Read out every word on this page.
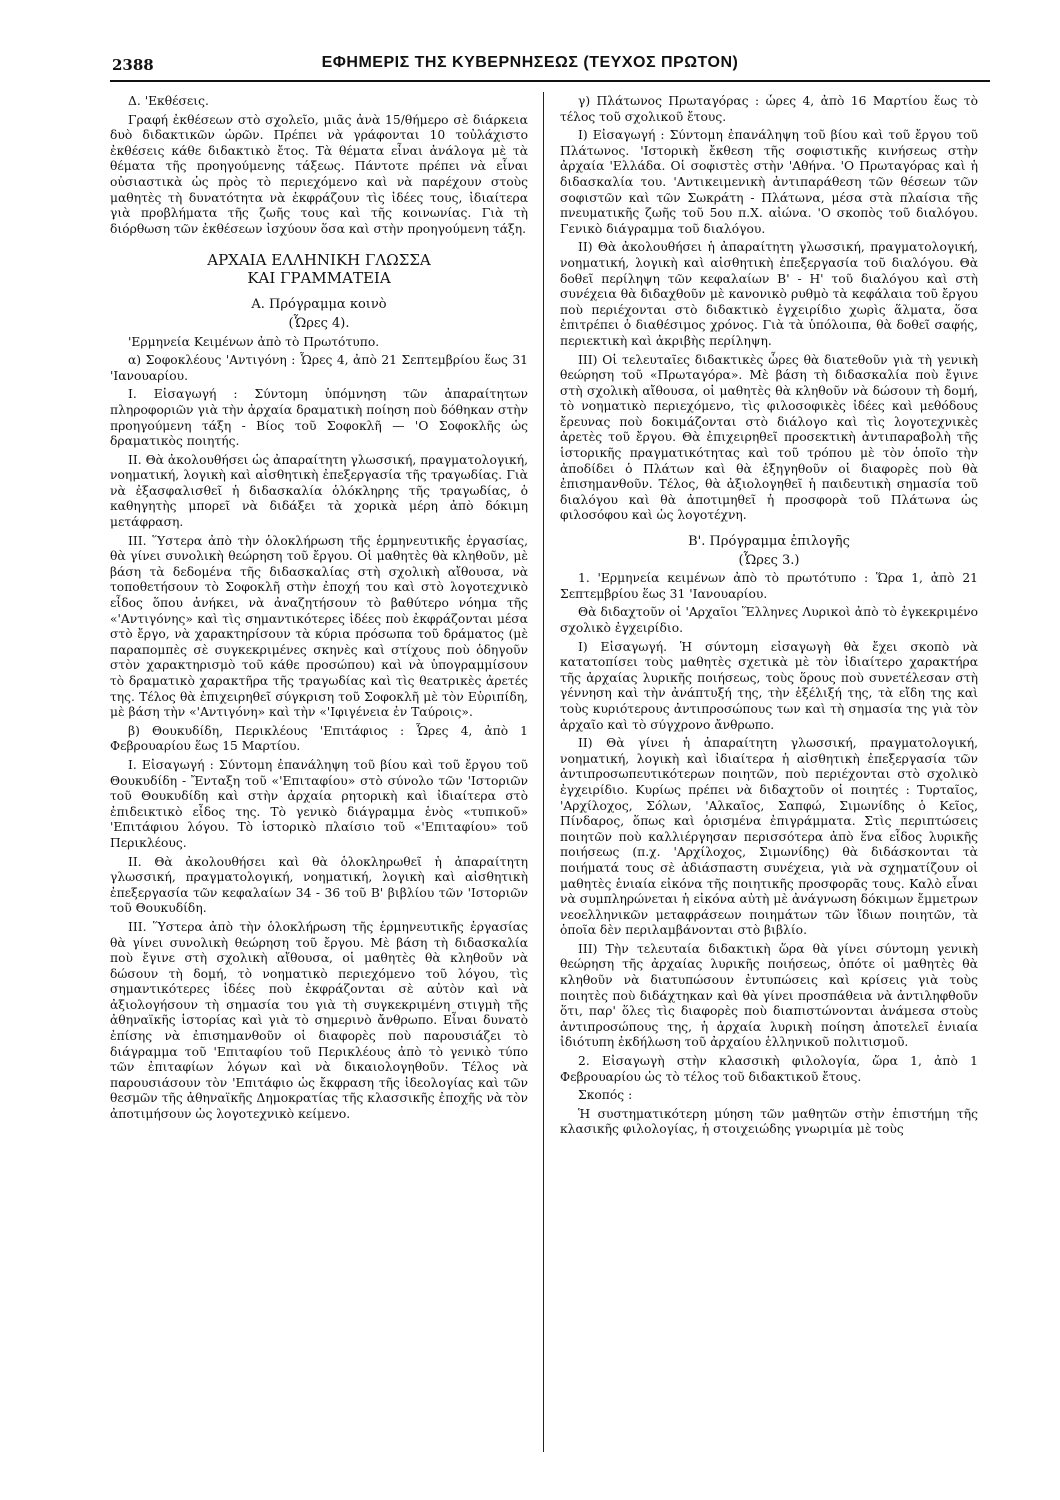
2388	ΕΦΗΜΕΡΙΣ ΤΗΣ ΚΥΒΕΡΝΗΣΕΩΣ (ΤΕΥΧΟΣ ΠΡΩΤΟΝ)

Δ. 'Εκθέσεις.

Γραφή ἐκθέσεων στὸ σχολεῖο, μιᾶς ἀνὰ 15/θήμερο σὲ διάρκεια δυὸ διδακτικῶν ὡρῶν. Πρέπει νὰ γράφονται 10 τοὐλάχιστο ἐκθέσεις κάθε διδακτικὸ ἔτος. Τὰ θέματα εἶναι ἀνάλογα μὲ τὰ θέματα τῆς προηγούμενης τάξεως. Πάντοτε πρέπει νὰ εἶναι οὐσιαστικὰ ὡς πρὸς τὸ περιεχόμενο καὶ νὰ παρέχουν στοὺς μαθητὲς τὴ δυνατότητα νὰ ἐκφράζουν τὶς ἰδέες τους, ἰδιαίτερα γιὰ προβλήματα τῆς ζωῆς τους καὶ τῆς κοινωνίας. Γιὰ τὴ διόρθωση τῶν ἐκθέσεων ἰσχύουν ὅσα καὶ στὴν προηγούμενη τάξη.

ΑΡΧΑΙΑ ΕΛΛΗΝΙΚΗ ΓΛΩΣΣΑ
ΚΑΙ ΓΡΑΜΜΑΤΕΙΑ

Α. Πρόγραμμα κοινὸ

(Ὧρες 4).

'Ερμηνεία Κειμένων ἀπὸ τὸ Πρωτότυπο.

α) Σοφοκλέους 'Αντιγόνη : Ὧρες 4, ἀπὸ 21 Σεπτεμβρίου ἕως 31 'Ιανουαρίου.

Ι. Εἰσαγωγή : Σύντομη ὑπόμνηση τῶν ἀπαραίτητων πληροφοριῶν γιὰ τὴν ἀρχαία δραματικὴ ποίηση ποὺ δόθηκαν στὴν προηγούμενη τάξη - Βίος τοῦ Σοφοκλῆ — 'Ο Σοφοκλῆς ὡς δραματικὸς ποιητής.

ΙΙ. Θὰ ἀκολουθήσει ὡς ἀπαραίτητη γλωσσική, πραγματολογική, νοηματική, λογικὴ καὶ αἰσθητικὴ ἐπεξεργασία τῆς τραγωδίας. Γιὰ νὰ ἐξασφαλισθεῖ ἡ διδασκαλία ὁλόκληρης τῆς τραγωδίας, ὁ καθηγητὴς μπορεῖ νὰ διδάξει τὰ χορικὰ μέρη ἀπὸ δόκιμη μετάφραση.

ΙΙΙ. Ὕστερα ἀπὸ τὴν ὁλοκλήρωση τῆς ἑρμηνευτικῆς ἐργασίας, θὰ γίνει συνολικὴ θεώρηση τοῦ ἔργου. Οἱ μαθητὲς θὰ κληθοῦν, μὲ βάση τὰ δεδομένα τῆς διδασκαλίας στὴ σχολικὴ αἴθουσα, νὰ τοποθετήσουν τὸ Σοφοκλῆ στὴν ἐποχή του καὶ στὸ λογοτεχνικὸ εἶδος ὅπου ἀνήκει, νὰ ἀναζητήσουν τὸ βαθύτερο νόημα τῆς «'Αντιγόνης» καὶ τὶς σημαντικότερες ἰδέες ποὺ ἐκφράζονται μέσα στὸ ἔργο, νὰ χαρακτηρίσουν τὰ κύρια πρόσωπα τοῦ δράματος (μὲ παραπομπὲς σὲ συγκεκριμένες σκηνὲς καὶ στίχους ποὺ ὁδηγοῦν στὸν χαρακτηρισμὸ τοῦ κάθε προσώπου) καὶ νὰ ὑπογραμμίσουν τὸ δραματικὸ χαρακτῆρα τῆς τραγωδίας καὶ τὶς θεατρικὲς ἀρετές της. Τέλος θὰ ἐπιχειρηθεῖ σύγκριση τοῦ Σοφοκλῆ μὲ τὸν Εὐριπίδη, μὲ βάση τὴν «'Αντιγόνη» καὶ τὴν «'Ιφιγένεια ἐν Ταύροις».

β) Θουκυδίδη, Περικλέους 'Επιτάφιος : Ὧρες 4, ἀπὸ 1 Φεβρουαρίου ἕως 15 Μαρτίου.

Ι. Εἰσαγωγή : Σύντομη ἐπανάληψη τοῦ βίου καὶ τοῦ ἔργου τοῦ Θουκυδίδη - Ἔνταξη τοῦ «'Επιταφίου» στὸ σύνολο τῶν 'Ιστοριῶν τοῦ Θουκυδίδη καὶ στὴν ἀρχαία ρητορικὴ καὶ ἰδιαίτερα στὸ ἐπιδεικτικὸ εἶδος της. Τὸ γενικὸ διάγραμμα ἑνὸς «τυπικοῦ» 'Επιτάφιου λόγου. Τὸ ἱστορικὸ πλαίσιο τοῦ «'Επιταφίου» τοῦ Περικλέους.

ΙΙ. Θὰ ἀκολουθήσει καὶ θὰ ὁλοκληρωθεῖ ἡ ἀπαραίτητη γλωσσική, πραγματολογική, νοηματική, λογικὴ καὶ αἰσθητικὴ ἐπεξεργασία τῶν κεφαλαίων 34 - 36 τοῦ Β' βιβλίου τῶν 'Ιστοριῶν τοῦ Θουκυδίδη.

ΙΙΙ. Ὕστερα ἀπὸ τὴν ὁλοκλήρωση τῆς ἑρμηνευτικῆς ἐργασίας θὰ γίνει συνολικὴ θεώρηση τοῦ ἔργου. Μὲ βάση τὴ διδασκαλία ποὺ ἔγινε στὴ σχολικὴ αἴθουσα, οἱ μαθητὲς θὰ κληθοῦν νὰ δώσουν τὴ δομή, τὸ νοηματικὸ περιεχόμενο τοῦ λόγου, τὶς σημαντικότερες ἰδέες ποὺ ἐκφράζονται σὲ αὐτὸν καὶ νὰ ἀξιολογήσουν τὴ σημασία του γιὰ τὴ συγκεκριμένη στιγμὴ τῆς ἀθηναϊκῆς ἱστορίας καὶ γιὰ τὸ σημερινὸ ἄνθρωπο. Εἶναι δυνατὸ ἐπίσης νὰ ἐπισημανθοῦν οἱ διαφορὲς ποὺ παρουσιάζει τὸ διάγραμμα τοῦ 'Επιταφίου τοῦ Περικλέους ἀπὸ τὸ γενικὸ τύπο τῶν ἐπιταφίων λόγων καὶ νὰ δικαιολογηθοῦν. Τέλος νὰ παρουσιάσουν τὸν 'Επιτάφιο ὡς ἔκφραση τῆς ἰδεολογίας καὶ τῶν θεσμῶν τῆς ἀθηναϊκῆς Δημοκρατίας τῆς κλασσικῆς ἐποχῆς νὰ τὸν ἀποτιμήσουν ὡς λογοτεχνικὸ κείμενο.

γ) Πλάτωνος Πρωταγόρας : ὧρες 4, ἀπὸ 16 Μαρτίου ἕως τὸ τέλος τοῦ σχολικοῦ ἔτους.

Ι) Εἰσαγωγή : Σύντομη ἐπανάληψη τοῦ βίου καὶ τοῦ ἔργου τοῦ Πλάτωνος. 'Ιστορικὴ ἔκθεση τῆς σοφιστικῆς κινήσεως στὴν ἀρχαία 'Ελλάδα. Οἱ σοφιστὲς στὴν 'Αθήνα. 'Ο Πρωταγόρας καὶ ἡ διδασκαλία του. 'Αντικειμενικὴ ἀντιπαράθεση τῶν θέσεων τῶν σοφιστῶν καὶ τῶν Σωκράτη - Πλάτωνα, μέσα στὰ πλαίσια τῆς πνευματικῆς ζωῆς τοῦ 5ου π.Χ. αἰώνα. 'Ο σκοπὸς τοῦ διαλόγου. Γενικὸ διάγραμμα τοῦ διαλόγου.

ΙΙ) Θὰ ἀκολουθήσει ἡ ἀπαραίτητη γλωσσική, πραγματολογική, νοηματική, λογικὴ καὶ αἰσθητικὴ ἐπεξεργασία τοῦ διαλόγου. Θὰ δοθεῖ περίληψη τῶν κεφαλαίων Β' - Η' τοῦ διαλόγου καὶ στὴ συνέχεια θὰ διδαχθοῦν μὲ κανονικὸ ρυθμὸ τὰ κεφάλαια τοῦ ἔργου ποὺ περιέχονται στὸ διδακτικὸ ἐγχειρίδιο χωρὶς ἅλματα, ὅσα ἐπιτρέπει ὁ διαθέσιμος χρόνος. Γιὰ τὰ ὑπόλοιπα, θὰ δοθεῖ σαφής, περιεκτικὴ καὶ ἀκριβὴς περίληψη.

ΙΙΙ) Οἱ τελευταῖες διδακτικὲς ὧρες θὰ διατεθοῦν γιὰ τὴ γενικὴ θεώρηση τοῦ «Πρωταγόρα». Μὲ βάση τὴ διδασκαλία ποὺ ἔγινε στὴ σχολικὴ αἴθουσα, οἱ μαθητὲς θὰ κληθοῦν νὰ δώσουν τὴ δομή, τὸ νοηματικὸ περιεχόμενο, τὶς φιλοσοφικὲς ἰδέες καὶ μεθόδους ἔρευνας ποὺ δοκιμάζονται στὸ διάλογο καὶ τὶς λογοτεχνικὲς ἀρετὲς τοῦ ἔργου. Θὰ ἐπιχειρηθεῖ προσεκτικὴ ἀντιπαραβολὴ τῆς ἱστορικῆς πραγματικότητας καὶ τοῦ τρόπου μὲ τὸν ὁποῖο τὴν ἀποδίδει ὁ Πλάτων καὶ θὰ ἐξηγηθοῦν οἱ διαφορὲς ποὺ θὰ ἐπισημανθοῦν. Τέλος, θὰ ἀξιολογηθεῖ ἡ παιδευτικὴ σημασία τοῦ διαλόγου καὶ θὰ ἀποτιμηθεῖ ἡ προσφορὰ τοῦ Πλάτωνα ὡς φιλοσόφου καὶ ὡς λογοτέχνη.

Β'. Πρόγραμμα ἐπιλογῆς

(Ὧρες 3.)

1. 'Ερμηνεία κειμένων ἀπὸ τὸ πρωτότυπο : Ὥρα 1, ἀπὸ 21 Σεπτεμβρίου ἕως 31 'Ιανουαρίου.

Θὰ διδαχτοῦν οἱ 'Αρχαῖοι Ἕλληνες Λυρικοὶ ἀπὸ τὸ ἐγκεκριμένο σχολικὸ ἐγχειρίδιο.

Ι) Εἰσαγωγή. Ἡ σύντομη εἰσαγωγὴ θὰ ἔχει σκοπὸ νὰ κατατοπίσει τοὺς μαθητὲς σχετικὰ μὲ τὸν ἰδιαίτερο χαρακτήρα τῆς ἀρχαίας λυρικῆς ποιήσεως, τοὺς ὅρους ποὺ συνετέλεσαν στὴ γέννηση καὶ τὴν ἀνάπτυξή της, τὴν ἐξέλιξή της, τὰ εἴδη της καὶ τοὺς κυριότερους ἀντιπροσώπους των καὶ τὴ σημασία της γιὰ τὸν ἀρχαῖο καὶ τὸ σύγχρονο ἄνθρωπο.

ΙΙ) Θὰ γίνει ἡ ἀπαραίτητη γλωσσική, πραγματολογική, νοηματική, λογικὴ καὶ ἰδιαίτερα ἡ αἰσθητικὴ ἐπεξεργασία τῶν ἀντιπροσωπευτικότερων ποιητῶν, ποὺ περιέχονται στὸ σχολικὸ ἐγχειρίδιο. Κυρίως πρέπει νὰ διδαχτοῦν οἱ ποιητές : Τυρταῖος, 'Αρχίλοχος, Σόλων, 'Αλκαῖος, Σαπφώ, Σιμωνίδης ὁ Κεῖος, Πίνδαρος, ὅπως καὶ ὁρισμένα ἐπιγράμματα. Στὶς περιπτώσεις ποιητῶν ποὺ καλλιέργησαν περισσότερα ἀπὸ ἕνα εἶδος λυρικῆς ποιήσεως (π.χ. 'Αρχίλοχος, Σιμωνίδης) θὰ διδάσκονται τὰ ποιήματά τους σὲ ἀδιάσπαστη συνέχεια, γιὰ νὰ σχηματίζουν οἱ μαθητὲς ἑνιαία εἰκόνα τῆς ποιητικῆς προσφορᾶς τους. Καλὸ εἶναι νὰ συμπληρώνεται ἡ εἰκόνα αὐτὴ μὲ ἀνάγνωση δόκιμων ἔμμετρων νεοελληνικῶν μεταφράσεων ποιημάτων τῶν ἴδιων ποιητῶν, τὰ ὁποῖα δὲν περιλαμβάνονται στὸ βιβλίο.

ΙΙΙ) Τὴν τελευταία διδακτικὴ ὥρα θὰ γίνει σύντομη γενικὴ θεώρηση τῆς ἀρχαίας λυρικῆς ποιήσεως, ὁπότε οἱ μαθητὲς θὰ κληθοῦν νὰ διατυπώσουν ἐντυπώσεις καὶ κρίσεις γιὰ τοὺς ποιητὲς ποὺ διδάχτηκαν καὶ θὰ γίνει προσπάθεια νὰ ἀντιληφθοῦν ὅτι, παρ' ὅλες τὶς διαφορὲς ποὺ διαπιστώνονται ἀνάμεσα στοὺς ἀντιπροσώπους της, ἡ ἀρχαία λυρικὴ ποίηση ἀποτελεῖ ἑνιαία ἰδιότυπη ἐκδήλωση τοῦ ἀρχαίου ἑλληνικοῦ πολιτισμοῦ.

2. Εἰσαγωγὴ στὴν κλασσικὴ φιλολογία, ὥρα 1, ἀπὸ 1 Φεβρουαρίου ὡς τὸ τέλος τοῦ διδακτικοῦ ἔτους.

Σκοπός :

Ἡ συστηματικότερη μύηση τῶν μαθητῶν στὴν ἐπιστήμη τῆς κλασικῆς φιλολογίας, ἡ στοιχειώδης γνωριμία μὲ τοὺς
